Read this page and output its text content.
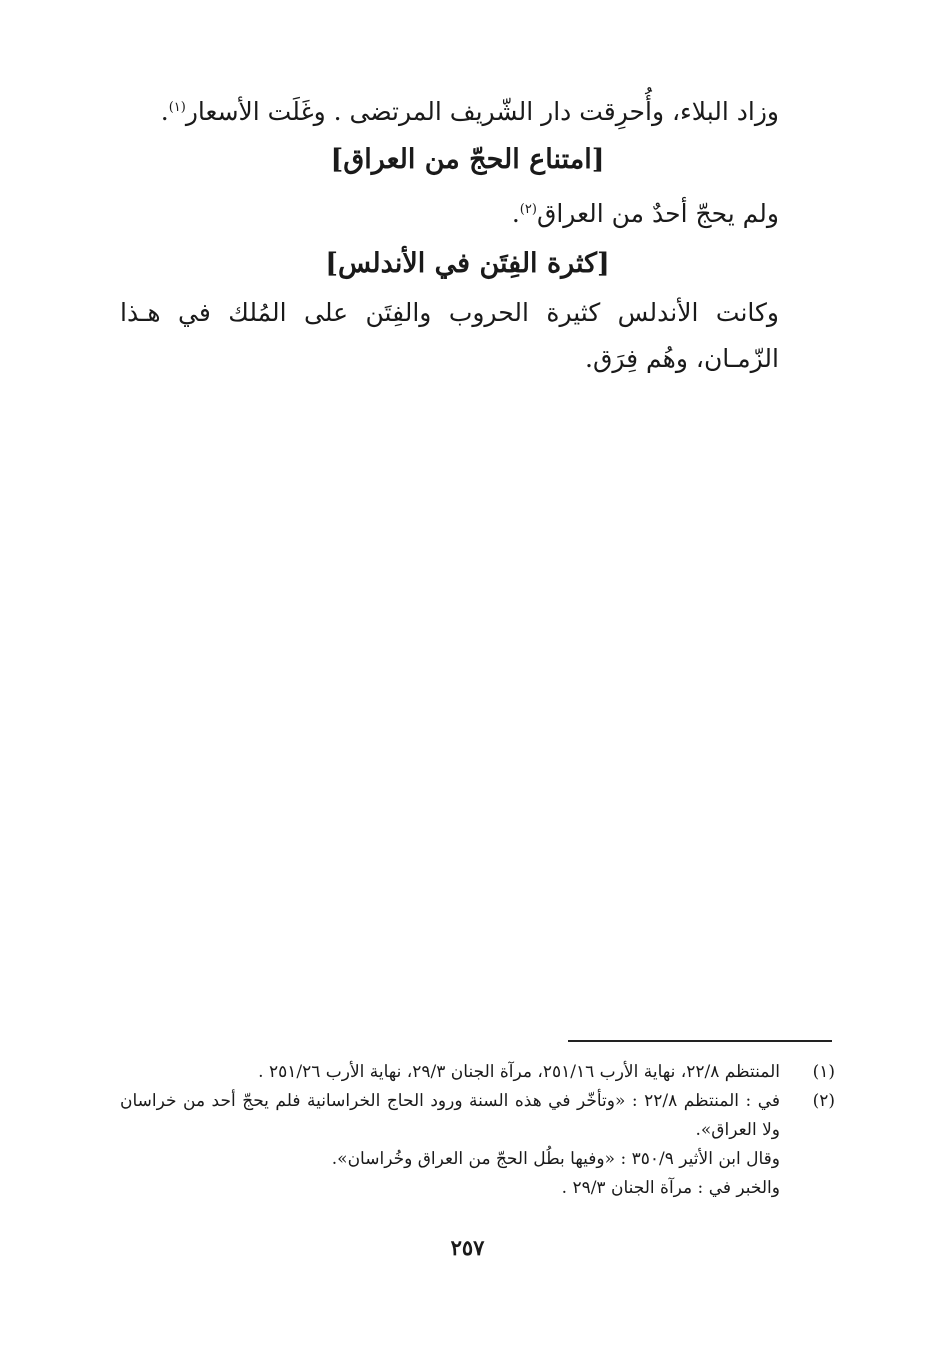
وزاد البلاء، وأُحرِقت دار الشّريف المرتضى . وغَلَت الأسعار$^{(١)}$.
[امتناع الحجّ من العراق]
ولم يحجّ أحدٌ من العراق$^{(٢)}$.
[كثرة الفِتَن في الأندلس]
وكانت الأندلس كثيرة الحروب والفِتَن على المُلك في هـذا الزّمـان، وهُم فِرَق.
(١)
المنتظم ٢٢/٨، نهاية الأرب ٢٥١/١٦، مرآة الجنان ٢٩/٣، نهاية الأرب ٢٥١/٢٦ .
(٢)
في : المنتظم ٢٢/٨ : «وتأخّر في هذه السنة ورود الحاج الخراسانية فلم يحجّ أحد من خراسان ولا العراق».
وقال ابن الأثير ٣٥٠/٩ : «وفيها بطُل الحجّ من العراق وخُراسان».
والخبر في : مرآة الجنان ٢٩/٣ .
٢٥٧
